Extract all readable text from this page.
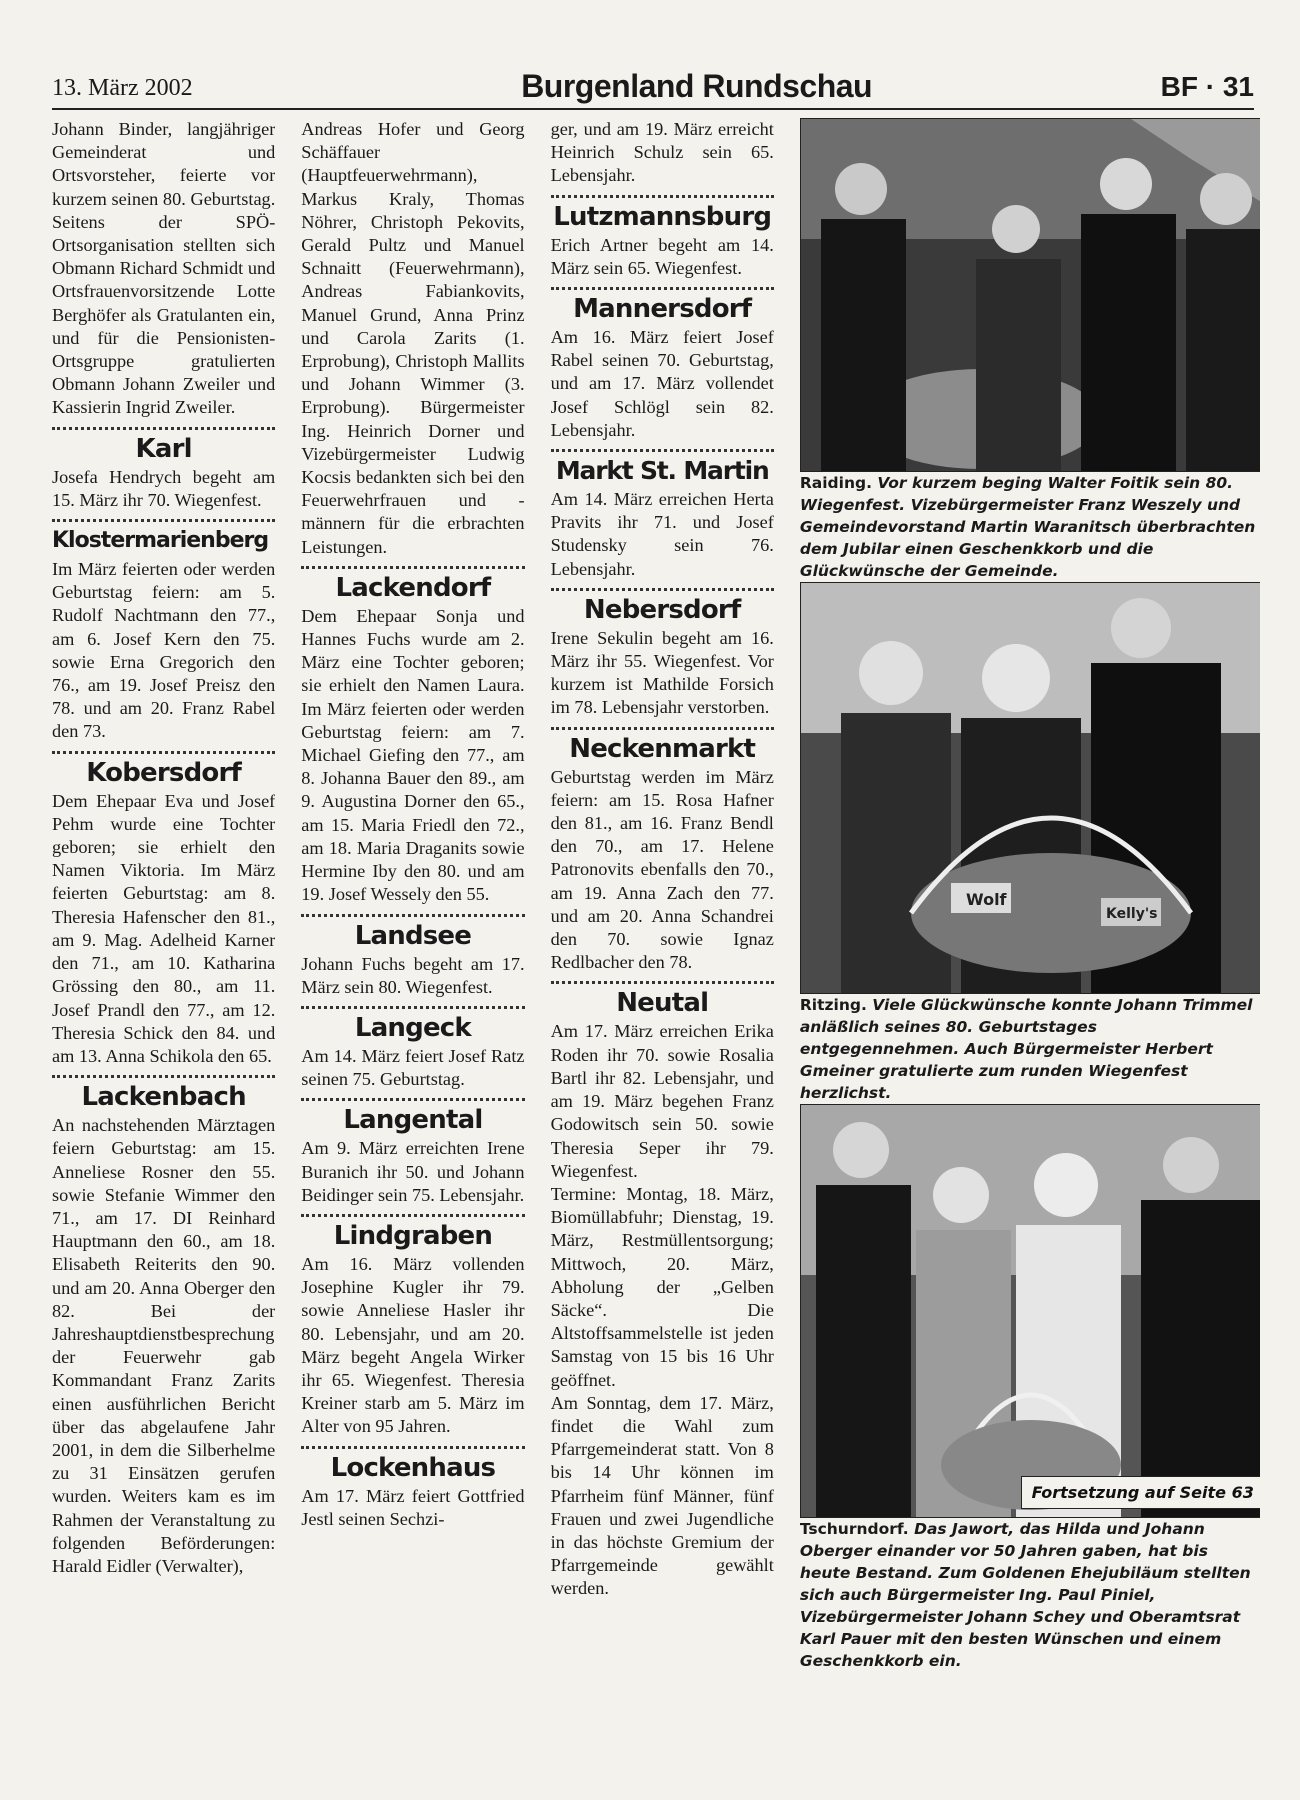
13. März 2002	Burgenland Rundschau	BF · 31

Johann Binder, langjähriger Gemeinderat und Ortsvorsteher, feierte vor kurzem seinen 80. Geburtstag. Seitens der SPÖ-Ortsorganisation stellten sich Obmann Richard Schmidt und Ortsfrauenvorsitzende Lotte Berghöfer als Gratulanten ein, und für die Pensionisten-Ortsgruppe gratulierten Obmann Johann Zweiler und Kassierin Ingrid Zweiler.

Karl

Josefa Hendrych begeht am 15. März ihr 70. Wiegenfest.

Klostermarienberg

Im März feierten oder werden Geburtstag feiern: am 5. Rudolf Nachtmann den 77., am 6. Josef Kern den 75. sowie Erna Gregorich den 76., am 19. Josef Preisz den 78. und am 20. Franz Rabel den 73.

Kobersdorf

Dem Ehepaar Eva und Josef Pehm wurde eine Tochter geboren; sie erhielt den Namen Viktoria. Im März feierten Geburtstag: am 8. Theresia Hafenscher den 81., am 9. Mag. Adelheid Karner den 71., am 10. Katharina Grössing den 80., am 11. Josef Prandl den 77., am 12. Theresia Schick den 84. und am 13. Anna Schikola den 65.

Lackenbach

An nachstehenden Märztagen feiern Geburtstag: am 15. Anneliese Rosner den 55. sowie Stefanie Wimmer den 71., am 17. DI Reinhard Hauptmann den 60., am 18. Elisabeth Reiterits den 90. und am 20. Anna Oberger den 82. Bei der Jahreshauptdienstbesprechung der Feuerwehr gab Kommandant Franz Zarits einen ausführlichen Bericht über das abgelaufene Jahr 2001, in dem die Silberhelme zu 31 Einsätzen gerufen wurden. Weiters kam es im Rahmen der Veranstaltung zu folgenden Beförderungen: Harald Eidler (Verwalter),

Andreas Hofer und Georg Schäffauer (Hauptfeuerwehrmann), Markus Kraly, Thomas Nöhrer, Christoph Pekovits, Gerald Pultz und Manuel Schnaitt (Feuerwehrmann), Andreas Fabiankovits, Manuel Grund, Anna Prinz und Carola Zarits (1. Erprobung), Christoph Mallits und Johann Wimmer (3. Erprobung). Bürgermeister Ing. Heinrich Dorner und Vizebürgermeister Ludwig Kocsis bedankten sich bei den Feuerwehrfrauen und -männern für die erbrachten Leistungen.

Lackendorf

Dem Ehepaar Sonja und Hannes Fuchs wurde am 2. März eine Tochter geboren; sie erhielt den Namen Laura. Im März feierten oder werden Geburtstag feiern: am 7. Michael Giefing den 77., am 8. Johanna Bauer den 89., am 9. Augustina Dorner den 65., am 15. Maria Friedl den 72., am 18. Maria Draganits sowie Hermine Iby den 80. und am 19. Josef Wessely den 55.

Landsee

Johann Fuchs begeht am 17. März sein 80. Wiegenfest.

Langeck

Am 14. März feiert Josef Ratz seinen 75. Geburtstag.

Langental

Am 9. März erreichten Irene Buranich ihr 50. und Johann Beidinger sein 75. Lebensjahr.

Lindgraben

Am 16. März vollenden Josephine Kugler ihr 79. sowie Anneliese Hasler ihr 80. Lebensjahr, und am 20. März begeht Angela Wirker ihr 65. Wiegenfest. Theresia Kreiner starb am 5. März im Alter von 95 Jahren.

Lockenhaus

Am 17. März feiert Gottfried Jestl seinen Sechzi-

ger, und am 19. März erreicht Heinrich Schulz sein 65. Lebensjahr.

Lutzmannsburg

Erich Artner begeht am 14. März sein 65. Wiegenfest.

Mannersdorf

Am 16. März feiert Josef Rabel seinen 70. Geburtstag, und am 17. März vollendet Josef Schlögl sein 82. Lebensjahr.

Markt St. Martin

Am 14. März erreichen Herta Pravits ihr 71. und Josef Studensky sein 76. Lebensjahr.

Nebersdorf

Irene Sekulin begeht am 16. März ihr 55. Wiegenfest. Vor kurzem ist Mathilde Forsich im 78. Lebensjahr verstorben.

Neckenmarkt

Geburtstag werden im März feiern: am 15. Rosa Hafner den 81., am 16. Franz Bendl den 70., am 17. Helene Patronovits ebenfalls den 70., am 19. Anna Zach den 77. und am 20. Anna Schandrei den 70. sowie Ignaz Redlbacher den 78.

Neutal

Am 17. März erreichen Erika Roden ihr 70. sowie Rosalia Bartl ihr 82. Lebensjahr, und am 19. März begehen Franz Godowitsch sein 50. sowie Theresia Seper ihr 79. Wiegenfest.

Termine: Montag, 18. März, Biomüllabfuhr; Dienstag, 19. März, Restmüllentsorgung; Mittwoch, 20. März, Abholung der „Gelben Säcke“. Die Altstoffsammelstelle ist jeden Samstag von 15 bis 16 Uhr geöffnet.

Am Sonntag, dem 17. März, findet die Wahl zum Pfarrgemeinderat statt. Von 8 bis 14 Uhr können im Pfarrheim fünf Männer, fünf Frauen und zwei Jugendliche in das höchste Gremium der Pfarrgemeinde gewählt werden.

Raiding. Vor kurzem beging Walter Foitik sein 80. Wiegenfest. Vizebürgermeister Franz Weszely und Gemeindevorstand Martin Waranitsch überbrachten dem Jubilar einen Geschenkkorb und die Glückwünsche der Gemeinde.

Wolf
Kelly's

Ritzing. Viele Glückwünsche konnte Johann Trimmel anläßlich seines 80. Geburtstages entgegennehmen. Auch Bürgermeister Herbert Gmeiner gratulierte zum runden Wiegenfest herzlichst.

Fortsetzung auf Seite 63

Tschurndorf. Das Jawort, das Hilda und Johann Oberger einander vor 50 Jahren gaben, hat bis heute Bestand. Zum Goldenen Ehejubiläum stellten sich auch Bürgermeister Ing. Paul Piniel, Vizebürgermeister Johann Schey und Oberamtsrat Karl Pauer mit den besten Wünschen und einem Geschenkkorb ein.
